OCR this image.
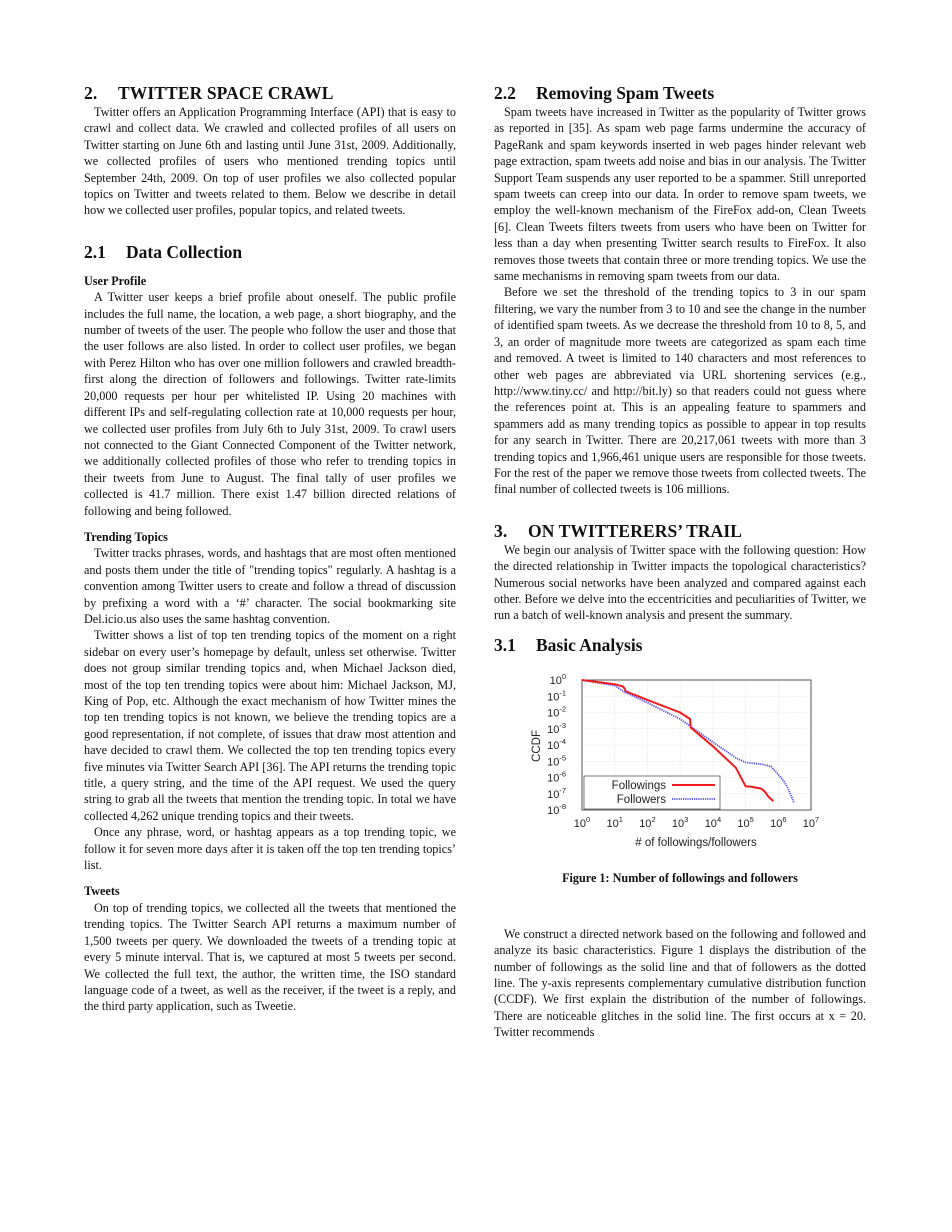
2. TWITTER SPACE CRAWL

Twitter offers an Application Programming Interface (API) that is easy to crawl and collect data. We crawled and collected profiles of all users on Twitter starting on June 6th and lasting until June 31st, 2009. Additionally, we collected profiles of users who mentioned trending topics until September 24th, 2009. On top of user profiles we also collected popular topics on Twitter and tweets related to them. Below we describe in detail how we collected user profiles, popular topics, and related tweets.

2.1 Data Collection
User Profile

A Twitter user keeps a brief profile about oneself. The public profile includes the full name, the location, a web page, a short biography, and the number of tweets of the user. The people who follow the user and those that the user follows are also listed. In order to collect user profiles, we began with Perez Hilton who has over one million followers and crawled breadth-first along the direction of followers and followings. Twitter rate-limits 20,000 requests per hour per whitelisted IP. Using 20 machines with different IPs and self-regulating collection rate at 10,000 requests per hour, we collected user profiles from July 6th to July 31st, 2009. To crawl users not connected to the Giant Connected Component of the Twitter network, we additionally collected profiles of those who refer to trending topics in their tweets from June to August. The final tally of user profiles we collected is 41.7 million. There exist 1.47 billion directed relations of following and being followed.

Trending Topics

Twitter tracks phrases, words, and hashtags that are most often mentioned and posts them under the title of "trending topics" regularly. A hashtag is a convention among Twitter users to create and follow a thread of discussion by prefixing a word with a ‘#’ character. The social bookmarking site Del.icio.us also uses the same hashtag convention.

Twitter shows a list of top ten trending topics of the moment on a right sidebar on every user’s homepage by default, unless set otherwise. Twitter does not group similar trending topics and, when Michael Jackson died, most of the top ten trending topics were about him: Michael Jackson, MJ, King of Pop, etc. Although the exact mechanism of how Twitter mines the top ten trending topics is not known, we believe the trending topics are a good representation, if not complete, of issues that draw most attention and have decided to crawl them. We collected the top ten trending topics every five minutes via Twitter Search API [36]. The API returns the trending topic title, a query string, and the time of the API request. We used the query string to grab all the tweets that mention the trending topic. In total we have collected 4,262 unique trending topics and their tweets.

Once any phrase, word, or hashtag appears as a top trending topic, we follow it for seven more days after it is taken off the top ten trending topics’ list.

Tweets

On top of trending topics, we collected all the tweets that mentioned the trending topics. The Twitter Search API returns a maximum number of 1,500 tweets per query. We downloaded the tweets of a trending topic at every 5 minute interval. That is, we captured at most 5 tweets per second. We collected the full text, the author, the written time, the ISO standard language code of a tweet, as well as the receiver, if the tweet is a reply, and the third party application, such as Tweetie.

2.2 Removing Spam Tweets

Spam tweets have increased in Twitter as the popularity of Twitter grows as reported in [35]. As spam web page farms undermine the accuracy of PageRank and spam keywords inserted in web pages hinder relevant web page extraction, spam tweets add noise and bias in our analysis. The Twitter Support Team suspends any user reported to be a spammer. Still unreported spam tweets can creep into our data. In order to remove spam tweets, we employ the well-known mechanism of the FireFox add-on, Clean Tweets [6]. Clean Tweets filters tweets from users who have been on Twitter for less than a day when presenting Twitter search results to FireFox. It also removes those tweets that contain three or more trending topics. We use the same mechanisms in removing spam tweets from our data.

Before we set the threshold of the trending topics to 3 in our spam filtering, we vary the number from 3 to 10 and see the change in the number of identified spam tweets. As we decrease the threshold from 10 to 8, 5, and 3, an order of magnitude more tweets are categorized as spam each time and removed. A tweet is limited to 140 characters and most references to other web pages are abbreviated via URL shortening services (e.g., http://www.tiny.cc/ and http://bit.ly) so that readers could not guess where the references point at. This is an appealing feature to spammers and spammers add as many trending topics as possible to appear in top results for any search in Twitter. There are 20,217,061 tweets with more than 3 trending topics and 1,966,461 unique users are responsible for those tweets. For the rest of the paper we remove those tweets from collected tweets. The final number of collected tweets is 106 millions.

3. ON TWITTERERS’ TRAIL

We begin our analysis of Twitter space with the following question: How the directed relationship in Twitter impacts the topological characteristics? Numerous social networks have been analyzed and compared against each other. Before we delve into the eccentricities and peculiarities of Twitter, we run a batch of well-known analysis and present the summary.

3.1 Basic Analysis
$10^0$
$10^{-1}$
$10^{-2}$
$10^{-3}$
$10^{-4}$
$10^{-5}$
$10^{-6}$
$10^{-7}$
$10^{-8}$
$10^0$ $10^1$ $10^2$ $10^3$ $10^4$ $10^5$ $10^6$ $10^7$
CCDF
# of followings/followers
Followings
Followers
Figure 1: Number of followings and followers

We construct a directed network based on the following and followed and analyze its basic characteristics. Figure 1 displays the distribution of the number of followings as the solid line and that of followers as the dotted line. The y-axis represents complementary cumulative distribution function (CCDF). We first explain the distribution of the number of followings. There are noticeable glitches in the solid line. The first occurs at x = 20. Twitter recommends
